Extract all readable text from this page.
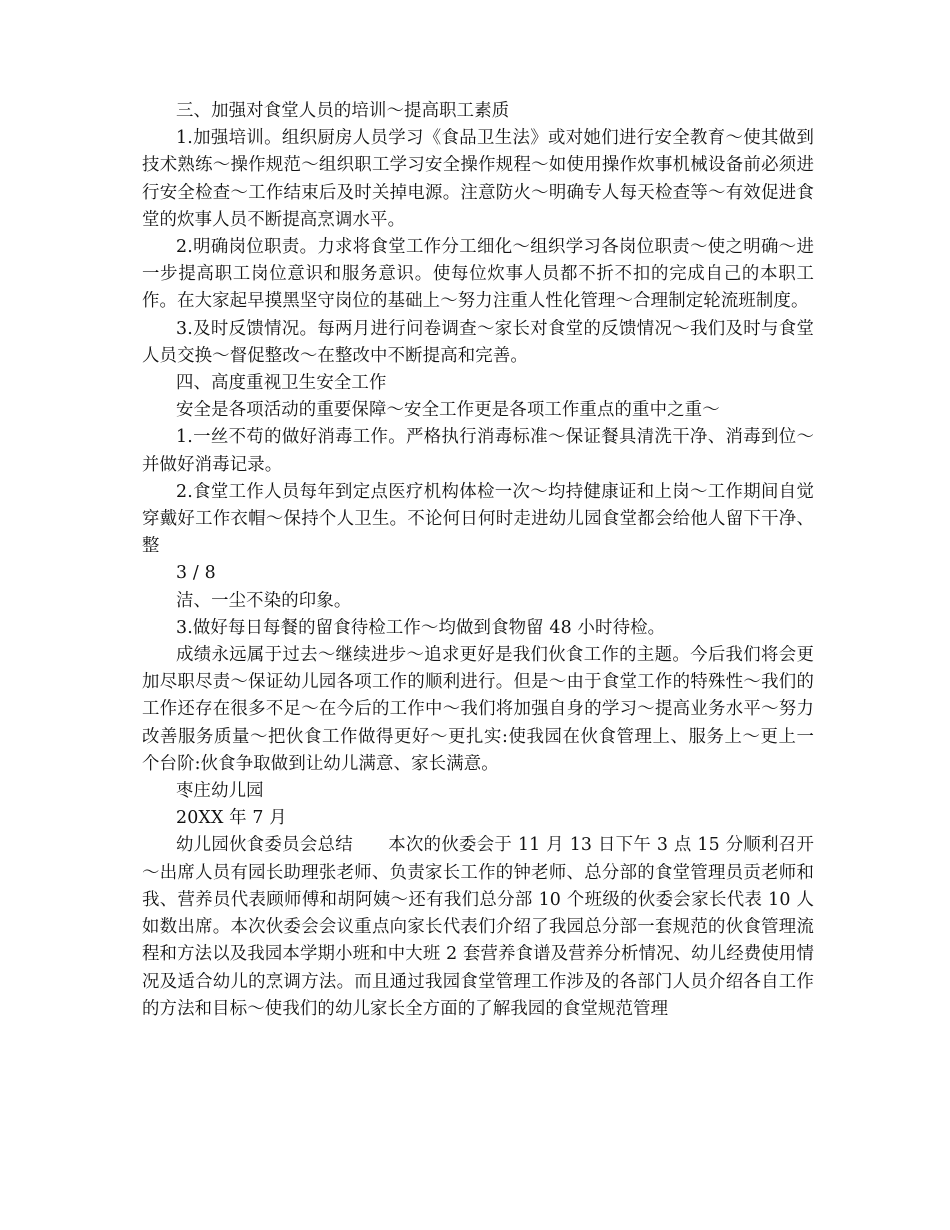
三、加强对食堂人员的培训～提高职工素质

1.加强培训。组织厨房人员学习《食品卫生法》或对她们进行安全教育～使其做到技术熟练～操作规范～组织职工学习安全操作规程～如使用操作炊事机械设备前必须进行安全检查～工作结束后及时关掉电源。注意防火～明确专人每天检查等～有效促进食堂的炊事人员不断提高烹调水平。

2.明确岗位职责。力求将食堂工作分工细化～组织学习各岗位职责～使之明确～进一步提高职工岗位意识和服务意识。使每位炊事人员都不折不扣的完成自己的本职工作。在大家起早摸黑坚守岗位的基础上～努力注重人性化管理～合理制定轮流班制度。

3.及时反馈情况。每两月进行问卷调查～家长对食堂的反馈情况～我们及时与食堂人员交换～督促整改～在整改中不断提高和完善。

四、高度重视卫生安全工作

安全是各项活动的重要保障～安全工作更是各项工作重点的重中之重～

1.一丝不苟的做好消毒工作。严格执行消毒标准～保证餐具清洗干净、消毒到位～并做好消毒记录。

2.食堂工作人员每年到定点医疗机构体检一次～均持健康证和上岗～工作期间自觉穿戴好工作衣帽～保持个人卫生。不论何日何时走进幼儿园食堂都会给他人留下干净、整

3 / 8

洁、一尘不染的印象。

3.做好每日每餐的留食待检工作～均做到食物留 48 小时待检。

成绩永远属于过去～继续进步～追求更好是我们伙食工作的主题。今后我们将会更加尽职尽责～保证幼儿园各项工作的顺利进行。但是～由于食堂工作的特殊性～我们的工作还存在很多不足～在今后的工作中～我们将加强自身的学习～提高业务水平～努力改善服务质量～把伙食工作做得更好～更扎实:使我园在伙食管理上、服务上～更上一个台阶:伙食争取做到让幼儿满意、家长满意。

枣庄幼儿园

20XX 年 7 月

幼儿园伙食委员会总结　　本次的伙委会于 11 月 13 日下午 3 点 15 分顺利召开～出席人员有园长助理张老师、负责家长工作的钟老师、总分部的食堂管理员贡老师和我、营养员代表顾师傅和胡阿姨～还有我们总分部 10 个班级的伙委会家长代表 10 人如数出席。本次伙委会会议重点向家长代表们介绍了我园总分部一套规范的伙食管理流程和方法以及我园本学期小班和中大班 2 套营养食谱及营养分析情况、幼儿经费使用情况及适合幼儿的烹调方法。而且通过我园食堂管理工作涉及的各部门人员介绍各自工作的方法和目标～使我们的幼儿家长全方面的了解我园的食堂规范管理
